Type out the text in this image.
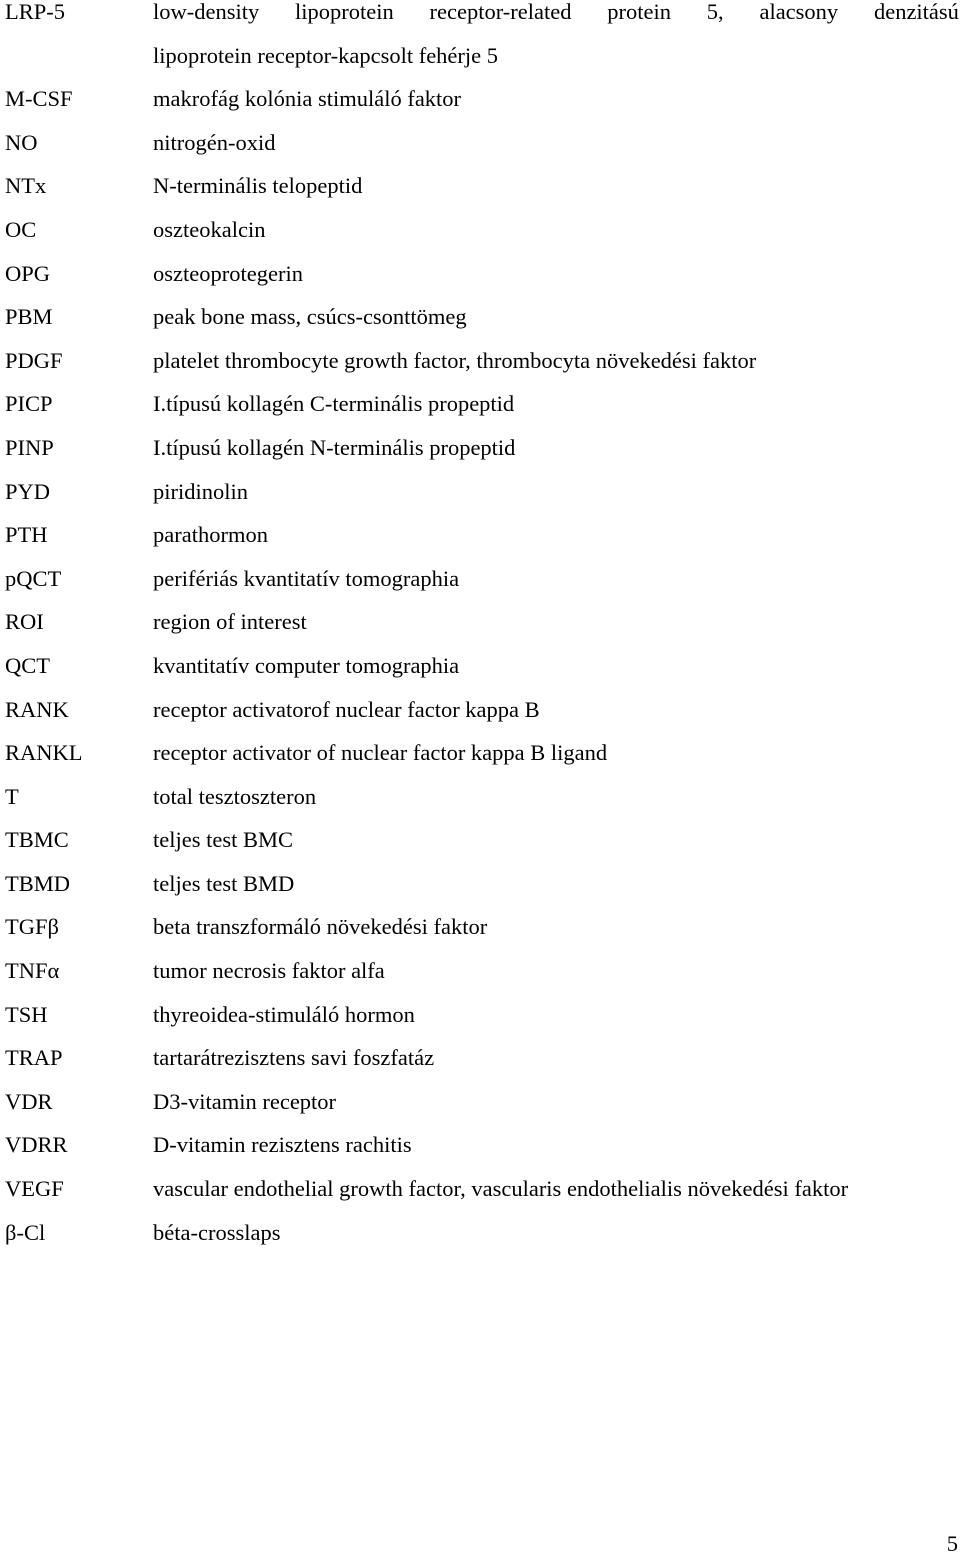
LRP-5	low-density lipoprotein receptor-related protein 5, alacsony denzitású
lipoprotein receptor-kapcsolt fehérje 5
M-CSF	makrofág kolónia stimuláló faktor
NO	nitrogén-oxid
NTx	N-terminális telopeptid
OC	oszteokalcin
OPG	oszteoprotegerin
PBM	peak bone mass, csúcs-csonttömeg
PDGF	platelet thrombocyte growth factor, thrombocyta növekedési faktor
PICP	I.típusú kollagén C-terminális propeptid
PINP	I.típusú kollagén N-terminális propeptid
PYD	piridinolin
PTH	parathormon
pQCT	perifériás kvantitatív tomographia
ROI	region of interest
QCT	kvantitatív computer tomographia
RANK	receptor activatorof nuclear factor kappa B
RANKL	receptor activator of nuclear factor kappa B ligand
T	total tesztoszteron
TBMC	teljes test BMC
TBMD	teljes test BMD
TGFβ	beta transzformáló növekedési faktor
TNFα	tumor necrosis faktor alfa
TSH	thyreoidea-stimuláló hormon
TRAP	tartarátrezisztens savi foszfatáz
VDR	D3-vitamin receptor
VDRR	D-vitamin rezisztens rachitis
VEGF	vascular endothelial growth factor, vascularis endothelialis növekedési faktor
β-Cl	béta-crosslaps
5
